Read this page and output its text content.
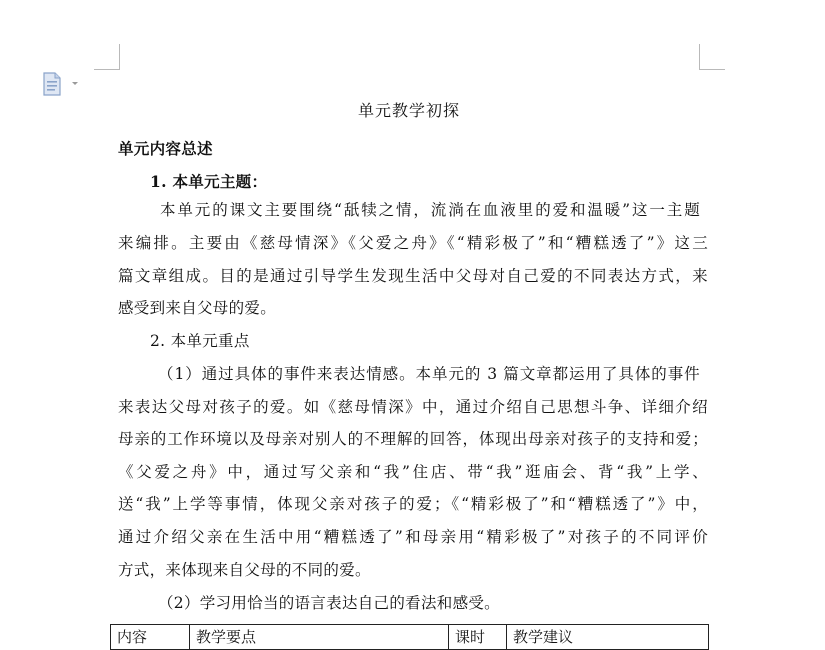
单元教学初探
单元内容总述
1. 本单元主题：
本单元的课文主要围绕“舐犊之情，流淌在血液里的爱和温暖”这一主题
来编排。主要由《慈母情深》《父爱之舟》《“精彩极了”和“糟糕透了”》这三
篇文章组成。目的是通过引导学生发现生活中父母对自己爱的不同表达方式，来
感受到来自父母的爱。
2. 本单元重点
（1）通过具体的事件来表达情感。本单元的 3 篇文章都运用了具体的事件
来表达父母对孩子的爱。如《慈母情深》中，通过介绍自己思想斗争、详细介绍
母亲的工作环境以及母亲对别人的不理解的回答，体现出母亲对孩子的支持和爱；
《父爱之舟》中，通过写父亲和“我”住店、带“我”逛庙会、背“我”上学、
送“我”上学等事情，体现父亲对孩子的爱；《“精彩极了”和“糟糕透了”》中，
通过介绍父亲在生活中用“糟糕透了”和母亲用“精彩极了”对孩子的不同评价
方式，来体现来自父母的不同的爱。
（2）学习用恰当的语言表达自己的看法和感受。
内容	教学要点	课时	教学建议
